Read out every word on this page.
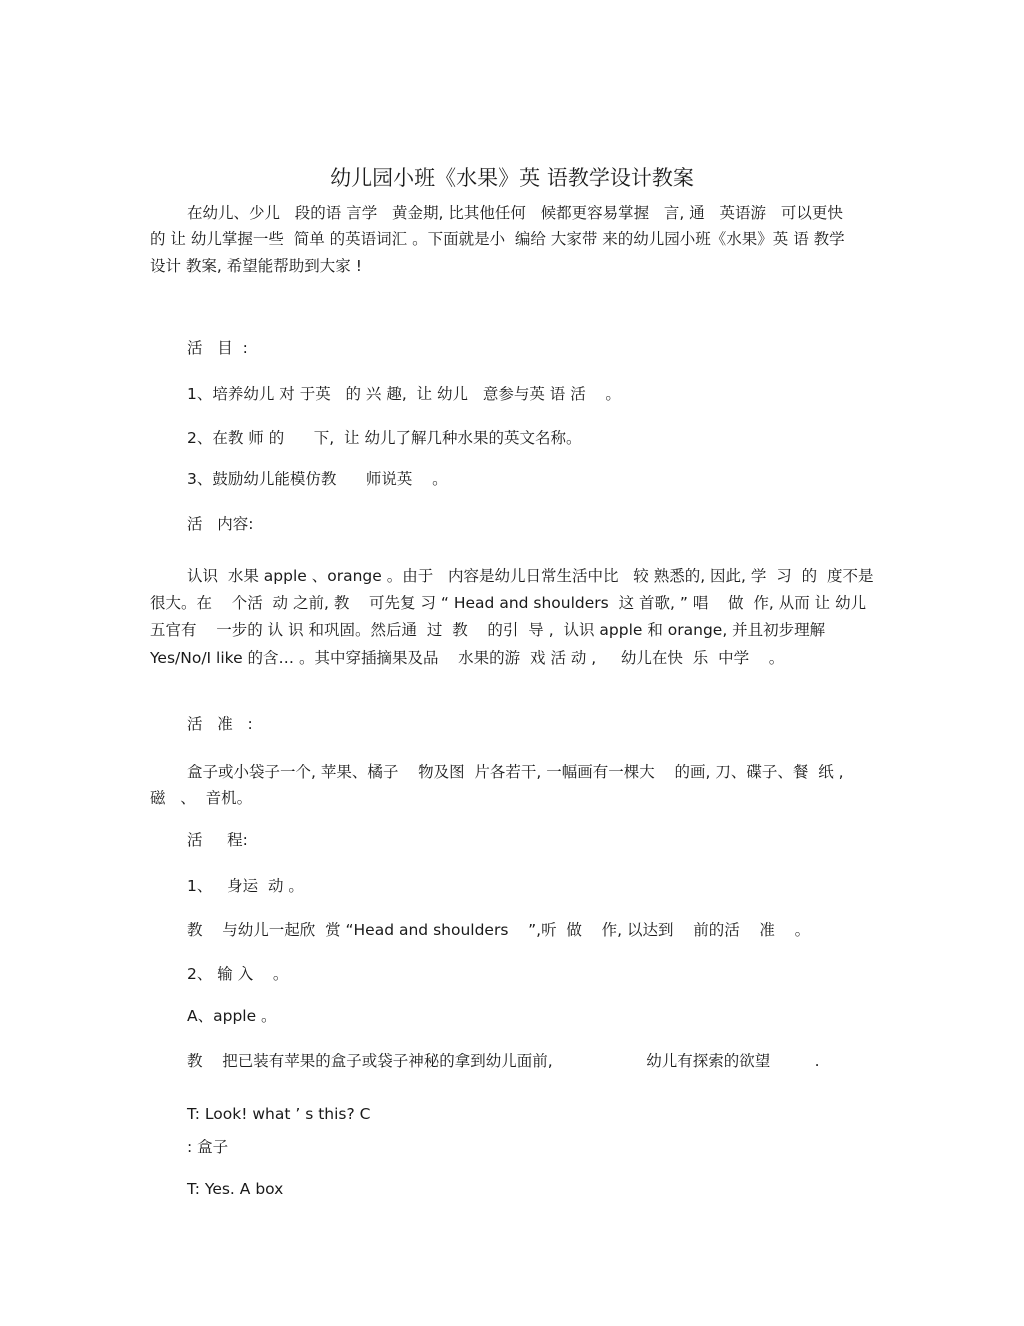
幼儿园小班《水果》英 语教学设计教案
在幼儿、少儿   段的语 言学   黄金期, 比其他任何   候都更容易掌握   言, 通   英语游   可以更快
的 让 幼儿掌握一些  简单 的英语词汇 。下面就是小  编给 大家带 来的幼儿园小班《水果》英 语 教学
设计 教案, 希望能帮助到大家 !
活   目  :
1、培养幼儿 对 于英   的 兴 趣,  让 幼儿   意参与英 语 活    。
2、在教 师 的      下,  让 幼儿了解几种水果的英文名称。
3、鼓励幼儿能模仿教      师说英    。
活   内容:
认识  水果 apple 、orange 。由于   内容是幼儿日常生活中比   较 熟悉的, 因此, 学  习  的  度不是
很大。在    个活  动 之前, 教    可先复 习 “ Head and shoulders  这 首歌, ” 唱    做  作, 从而 让 幼儿
五官有    一步的 认 识 和巩固。然后通  过  教    的引  导 ,  认识 apple 和 orange, 并且初步理解
Yes/No/I like 的含… 。其中穿插摘果及品    水果的游  戏 活 动 ,     幼儿在快  乐  中学    。
活   准   :
盒子或小袋子一个, 苹果、橘子    物及图  片各若干, 一幅画有一棵大    的画, 刀、碟子、餐  纸 ,
磁   、  音机。
活     程:
1、   身运  动 。
教    与幼儿一起欣  赏 “Head and shoulders    ”,听  做    作, 以达到    前的活    准    。
2、 输 入    。
A、apple 。
教    把已装有苹果的盒子或袋子神秘的拿到幼儿面前,                   幼儿有探索的欲望         .
T: Look! what ’ s this? C
: 盒子
T: Yes. A box
